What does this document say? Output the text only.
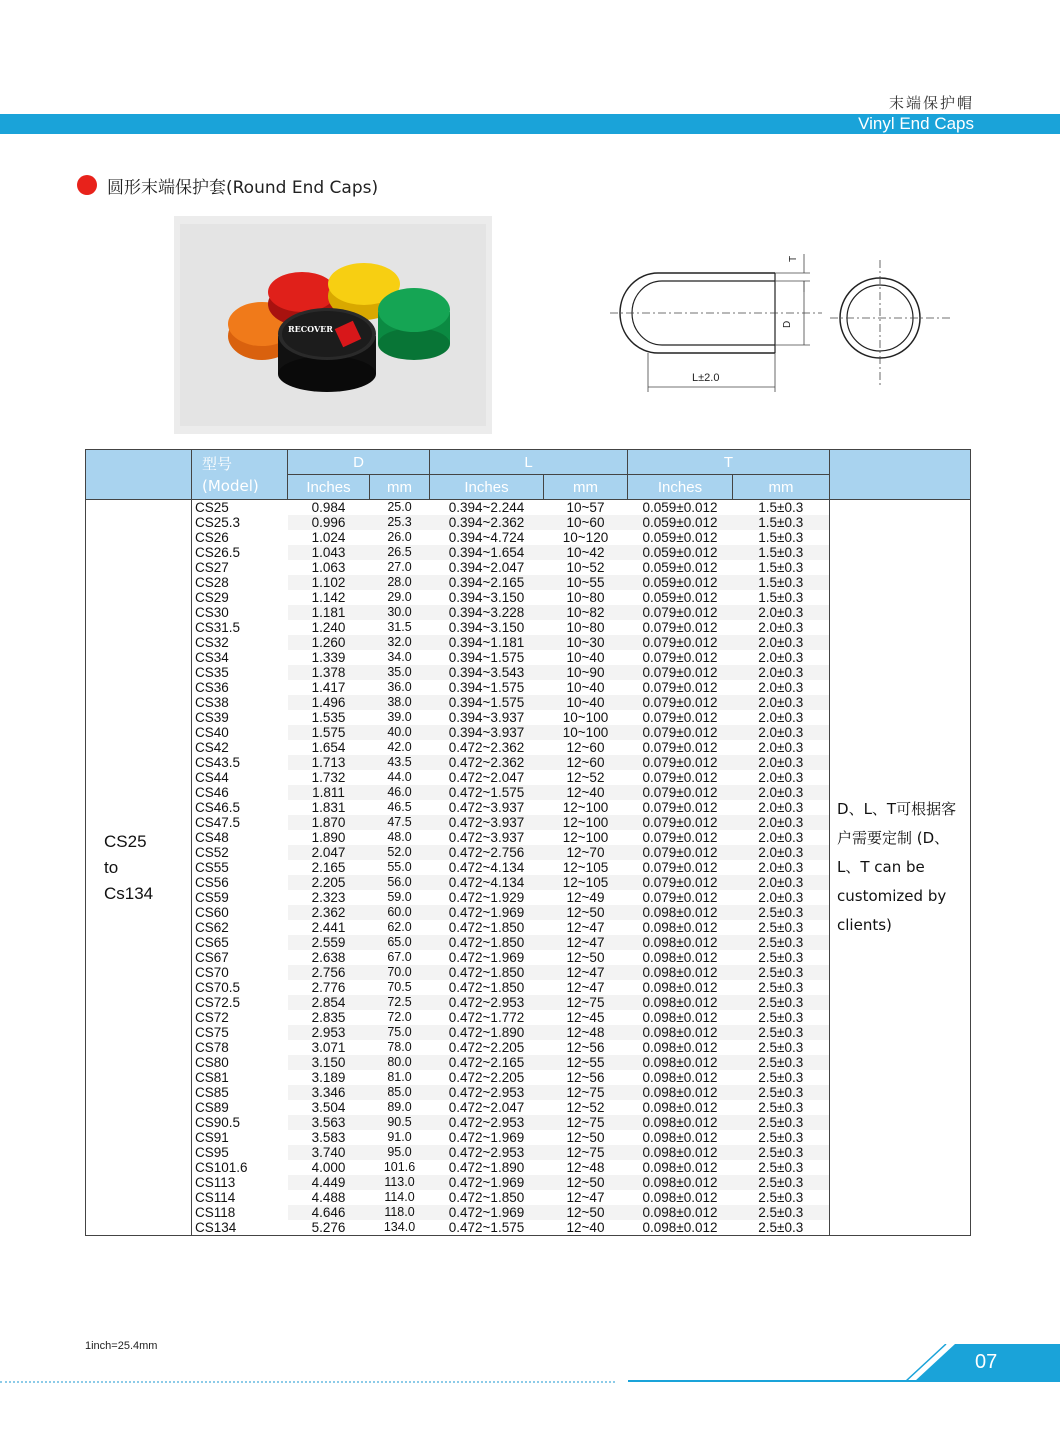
末端保护帽
Vinyl End Caps
圆形末端保护套(Round End Caps)
RECOVER
T
D
L±2.0
	型号
(Model)	D		L		T		
		Inches	mm	Inches	mm	Inches	mm	
CS25
to
Cs134	CS25	0.984	25.0	0.394~2.244	10~57	0.059±0.012	1.5±0.3	D、L、T可根据客
户需要定制 (D、
L、T can be
customized by
clients)
	CS25.3	0.996	25.3	0.394~2.362	10~60	0.059±0.012	1.5±0.3	
	CS26	1.024	26.0	0.394~4.724	10~120	0.059±0.012	1.5±0.3	
	CS26.5	1.043	26.5	0.394~1.654	10~42	0.059±0.012	1.5±0.3	
	CS27	1.063	27.0	0.394~2.047	10~52	0.059±0.012	1.5±0.3	
	CS28	1.102	28.0	0.394~2.165	10~55	0.059±0.012	1.5±0.3	
	CS29	1.142	29.0	0.394~3.150	10~80	0.059±0.012	1.5±0.3	
	CS30	1.181	30.0	0.394~3.228	10~82	0.079±0.012	2.0±0.3	
	CS31.5	1.240	31.5	0.394~3.150	10~80	0.079±0.012	2.0±0.3	
	CS32	1.260	32.0	0.394~1.181	10~30	0.079±0.012	2.0±0.3	
	CS34	1.339	34.0	0.394~1.575	10~40	0.079±0.012	2.0±0.3	
	CS35	1.378	35.0	0.394~3.543	10~90	0.079±0.012	2.0±0.3	
	CS36	1.417	36.0	0.394~1.575	10~40	0.079±0.012	2.0±0.3	
	CS38	1.496	38.0	0.394~1.575	10~40	0.079±0.012	2.0±0.3	
	CS39	1.535	39.0	0.394~3.937	10~100	0.079±0.012	2.0±0.3	
	CS40	1.575	40.0	0.394~3.937	10~100	0.079±0.012	2.0±0.3	
	CS42	1.654	42.0	0.472~2.362	12~60	0.079±0.012	2.0±0.3	
	CS43.5	1.713	43.5	0.472~2.362	12~60	0.079±0.012	2.0±0.3	
	CS44	1.732	44.0	0.472~2.047	12~52	0.079±0.012	2.0±0.3	
	CS46	1.811	46.0	0.472~1.575	12~40	0.079±0.012	2.0±0.3	
	CS46.5	1.831	46.5	0.472~3.937	12~100	0.079±0.012	2.0±0.3	
	CS47.5	1.870	47.5	0.472~3.937	12~100	0.079±0.012	2.0±0.3	
	CS48	1.890	48.0	0.472~3.937	12~100	0.079±0.012	2.0±0.3	
	CS52	2.047	52.0	0.472~2.756	12~70	0.079±0.012	2.0±0.3	
	CS55	2.165	55.0	0.472~4.134	12~105	0.079±0.012	2.0±0.3	
	CS56	2.205	56.0	0.472~4.134	12~105	0.079±0.012	2.0±0.3	
	CS59	2.323	59.0	0.472~1.929	12~49	0.079±0.012	2.0±0.3	
	CS60	2.362	60.0	0.472~1.969	12~50	0.098±0.012	2.5±0.3	
	CS62	2.441	62.0	0.472~1.850	12~47	0.098±0.012	2.5±0.3	
	CS65	2.559	65.0	0.472~1.850	12~47	0.098±0.012	2.5±0.3	
	CS67	2.638	67.0	0.472~1.969	12~50	0.098±0.012	2.5±0.3	
	CS70	2.756	70.0	0.472~1.850	12~47	0.098±0.012	2.5±0.3	
	CS70.5	2.776	70.5	0.472~1.850	12~47	0.098±0.012	2.5±0.3	
	CS72.5	2.854	72.5	0.472~2.953	12~75	0.098±0.012	2.5±0.3	
	CS72	2.835	72.0	0.472~1.772	12~45	0.098±0.012	2.5±0.3	
	CS75	2.953	75.0	0.472~1.890	12~48	0.098±0.012	2.5±0.3	
	CS78	3.071	78.0	0.472~2.205	12~56	0.098±0.012	2.5±0.3	
	CS80	3.150	80.0	0.472~2.165	12~55	0.098±0.012	2.5±0.3	
	CS81	3.189	81.0	0.472~2.205	12~56	0.098±0.012	2.5±0.3	
	CS85	3.346	85.0	0.472~2.953	12~75	0.098±0.012	2.5±0.3	
	CS89	3.504	89.0	0.472~2.047	12~52	0.098±0.012	2.5±0.3	
	CS90.5	3.563	90.5	0.472~2.953	12~75	0.098±0.012	2.5±0.3	
	CS91	3.583	91.0	0.472~1.969	12~50	0.098±0.012	2.5±0.3	
	CS95	3.740	95.0	0.472~2.953	12~75	0.098±0.012	2.5±0.3	
	CS101.6	4.000	101.6	0.472~1.890	12~48	0.098±0.012	2.5±0.3	
	CS113	4.449	113.0	0.472~1.969	12~50	0.098±0.012	2.5±0.3	
	CS114	4.488	114.0	0.472~1.850	12~47	0.098±0.012	2.5±0.3	
	CS118	4.646	118.0	0.472~1.969	12~50	0.098±0.012	2.5±0.3	
	CS134	5.276	134.0	0.472~1.575	12~40	0.098±0.012	2.5±0.3	
1inch=25.4mm
07
